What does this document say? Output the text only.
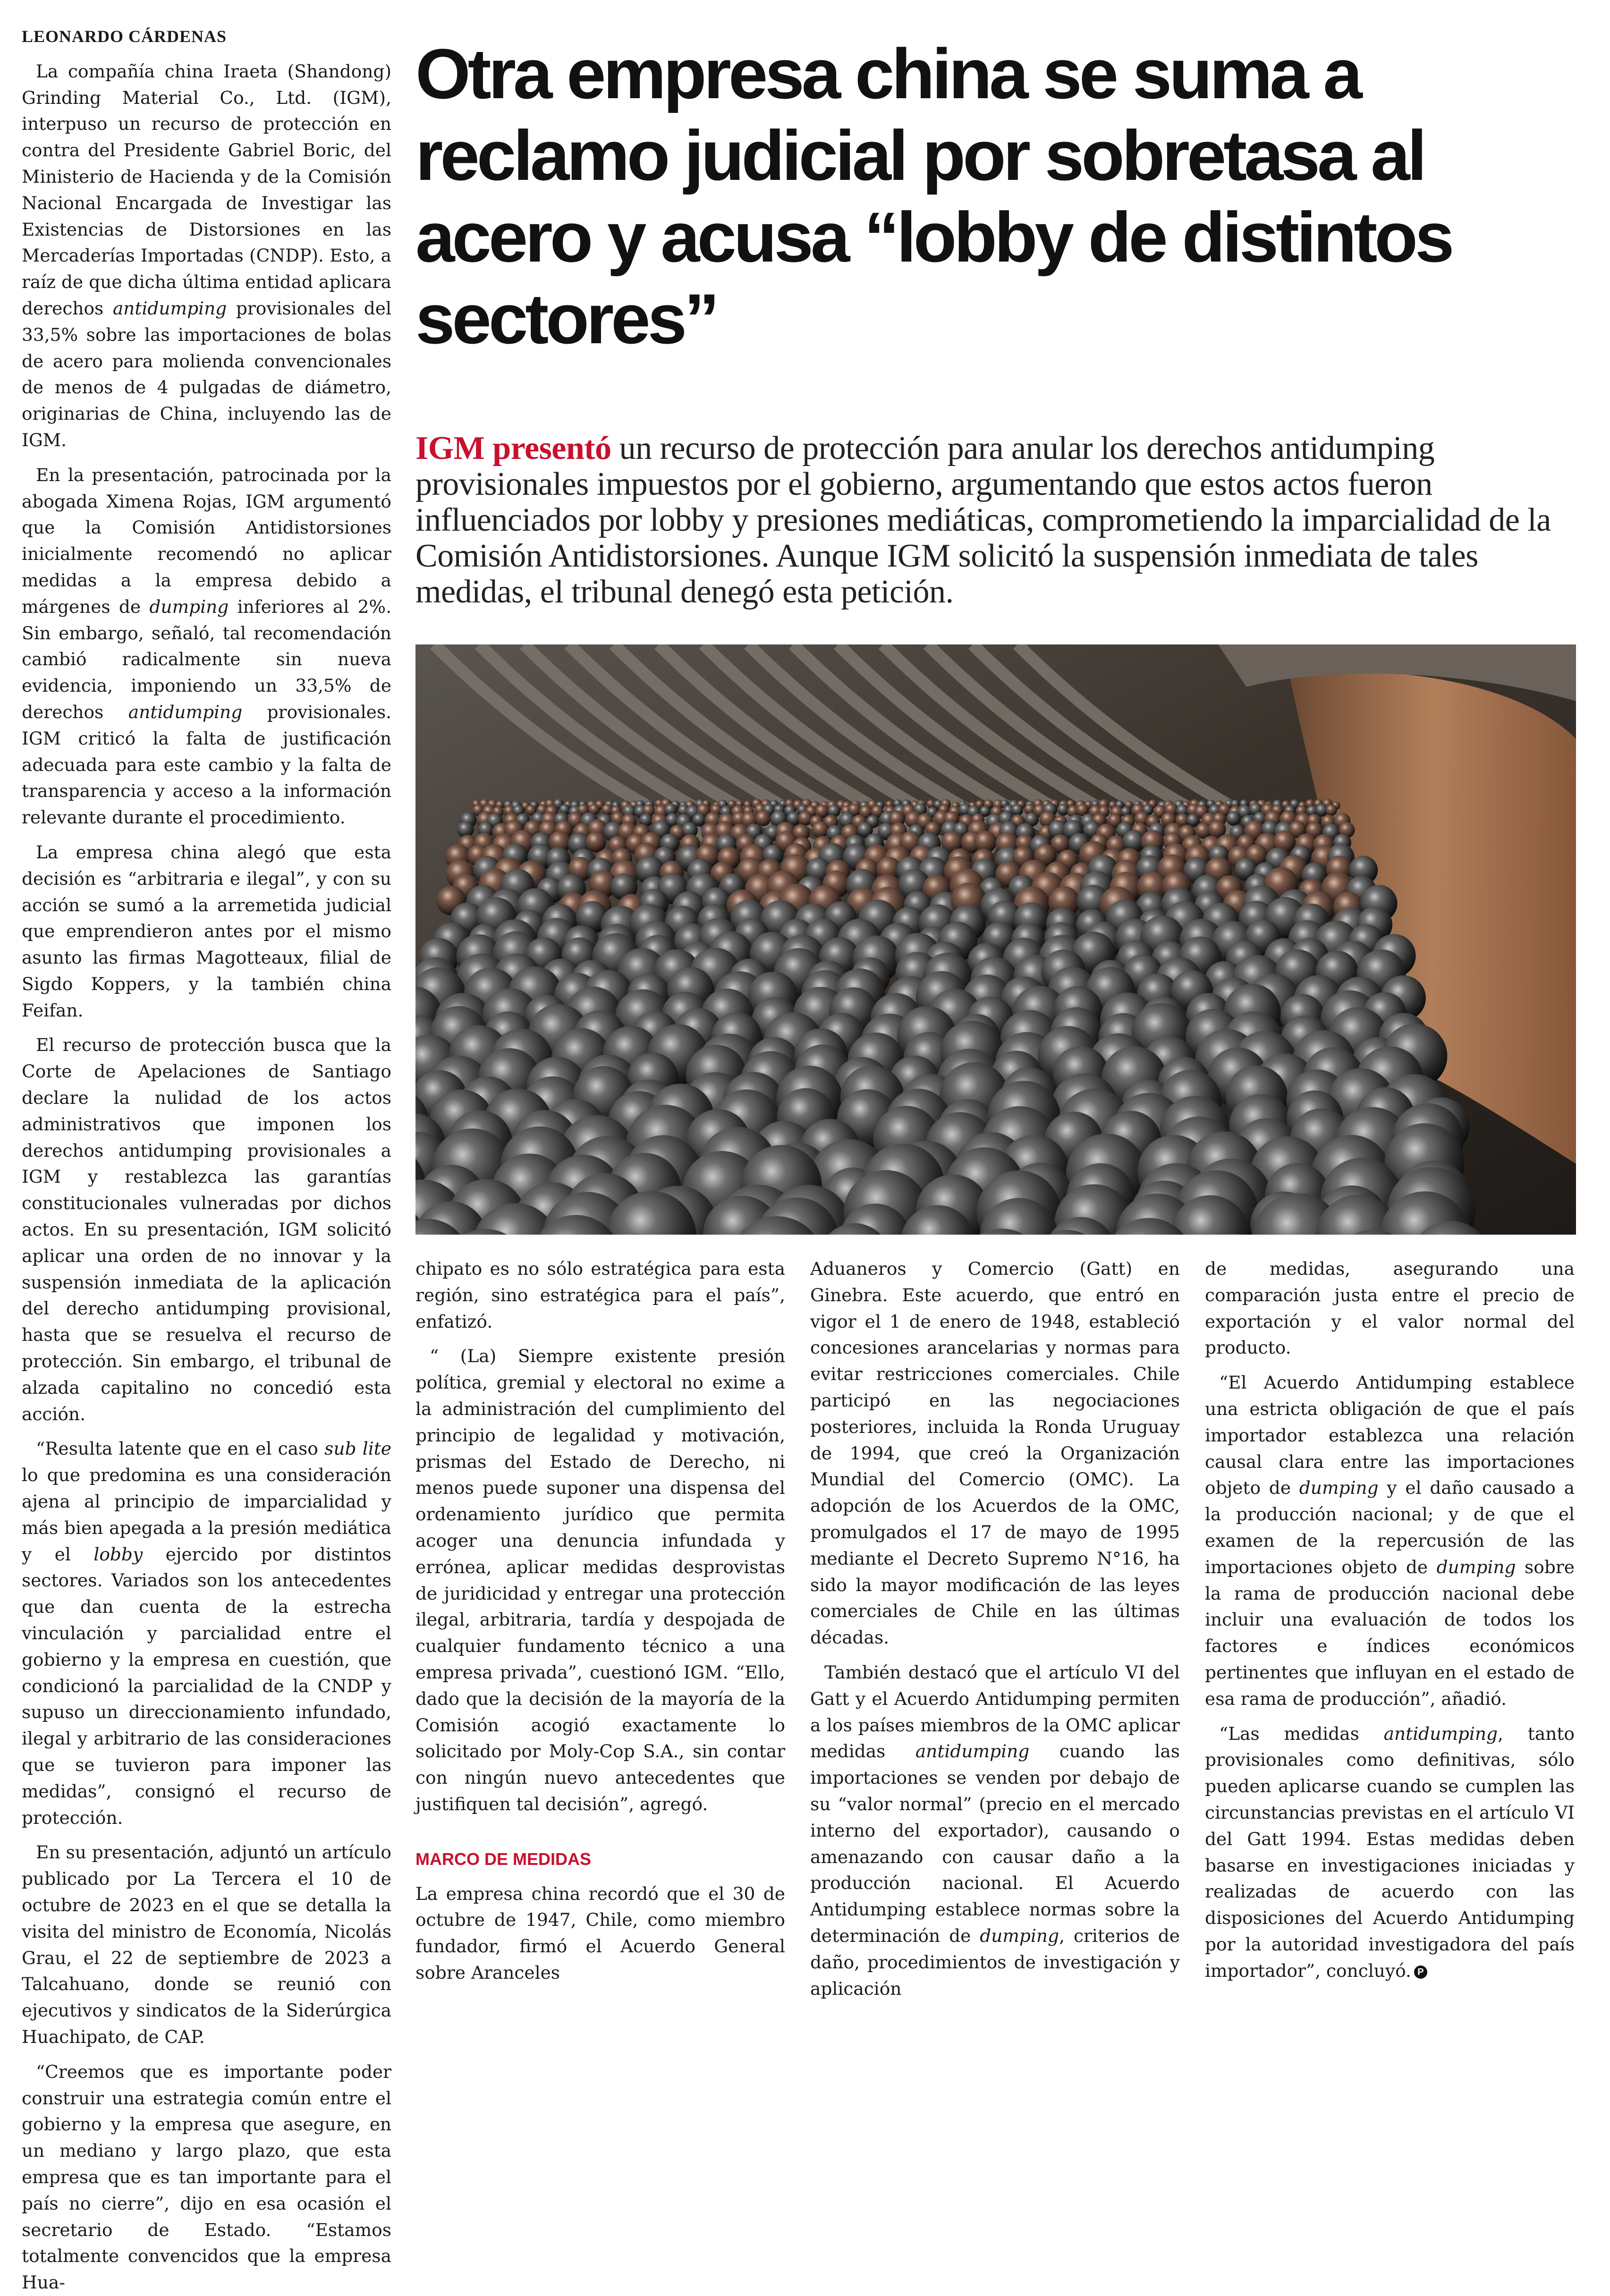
LEONARDO CÁRDENAS

La compañía china Iraeta (Shandong) Grinding Material Co., Ltd. (IGM), interpuso un recurso de protección en contra del Presidente Gabriel Boric, del Ministerio de Hacienda y de la Comisión Nacional Encargada de Investigar las Existencias de Distorsiones en las Mercaderías Importadas (CNDP). Esto, a raíz de que dicha última entidad aplicara derechos antidumping provisionales del 33,5% sobre las importaciones de bolas de acero para molienda convencionales de menos de 4 pulgadas de diámetro, originarias de China, incluyendo las de IGM.

En la presentación, patrocinada por la abogada Ximena Rojas, IGM argumentó que la Comisión Antidistorsiones inicialmente recomendó no aplicar medidas a la empresa debido a márgenes de dumping inferiores al 2%. Sin embargo, señaló, tal recomendación cambió radicalmente sin nueva evidencia, imponiendo un 33,5% de derechos antidumping provisionales. IGM criticó la falta de justificación adecuada para este cambio y la falta de transparencia y acceso a la información relevante durante el procedimiento.

La empresa china alegó que esta decisión es “arbitraria e ilegal”, y con su acción se sumó a la arremetida judicial que emprendieron antes por el mismo asunto las firmas Magotteaux, filial de Sigdo Koppers, y la también china Feifan.

El recurso de protección busca que la Corte de Apelaciones de Santiago declare la nulidad de los actos administrativos que imponen los derechos antidumping provisionales a IGM y restablezca las garantías constitucionales vulneradas por dichos actos. En su presentación, IGM solicitó aplicar una orden de no innovar y la suspensión inmediata de la aplicación del derecho antidumping provisional, hasta que se resuelva el recurso de protección. Sin embargo, el tribunal de alzada capitalino no concedió esta acción.

“Resulta latente que en el caso sub lite lo que predomina es una consideración ajena al principio de imparcialidad y más bien apegada a la presión mediática y el lobby ejercido por distintos sectores. Variados son los antecedentes que dan cuenta de la estrecha vinculación y parcialidad entre el gobierno y la empresa en cuestión, que condicionó la parcialidad de la CNDP y supuso un direccionamiento infundado, ilegal y arbitrario de las consideraciones que se tuvieron para imponer las medidas”, consignó el recurso de protección.

En su presentación, adjuntó un artículo publicado por La Tercera el 10 de octubre de 2023 en el que se detalla la visita del ministro de Economía, Nicolás Grau, el 22 de septiembre de 2023 a Talcahuano, donde se reunió con ejecutivos y sindicatos de la Siderúrgica Huachipato, de CAP.

“Creemos que es importante poder construir una estrategia común entre el gobierno y la empresa que asegure, en un mediano y largo plazo, que esta empresa que es tan importante para el país no cierre”, dijo en esa ocasión el secretario de Estado. “Estamos totalmente convencidos que la empresa Hua-

Otra empresa china se suma a reclamo judicial por sobretasa al acero y acusa “lobby de distintos sectores”

IGM presentó un recurso de protección para anular los derechos antidumping provisionales impuestos por el gobierno, argumentando que estos actos fueron influenciados por lobby y presiones mediáticas, comprometiendo la imparcialidad de la Comisión Antidistorsiones. Aunque IGM solicitó la suspensión inmediata de tales medidas, el tribunal denegó esta petición.

chipato es no sólo estratégica para esta región, sino estratégica para el país”, enfatizó.

“ (La) Siempre existente presión política, gremial y electoral no exime a la administración del cumplimiento del principio de legalidad y motivación, prismas del Estado de Derecho, ni menos puede suponer una dispensa del ordenamiento jurídico que permita acoger una denuncia infundada y errónea, aplicar medidas desprovistas de juridicidad y entregar una protección ilegal, arbitraria, tardía y despojada de cualquier fundamento técnico a una empresa privada”, cuestionó IGM. “Ello, dado que la decisión de la mayoría de la Comisión acogió exactamente lo solicitado por Moly-Cop S.A., sin contar con ningún nuevo antecedentes que justifiquen tal decisión”, agregó.

MARCO DE MEDIDAS

La empresa china recordó que el 30 de octubre de 1947, Chile, como miembro fundador, firmó el Acuerdo General sobre Aranceles

Aduaneros y Comercio (Gatt) en Ginebra. Este acuerdo, que entró en vigor el 1 de enero de 1948, estableció concesiones arancelarias y normas para evitar restricciones comerciales. Chile participó en las negociaciones posteriores, incluida la Ronda Uruguay de 1994, que creó la Organización Mundial del Comercio (OMC). La adopción de los Acuerdos de la OMC, promulgados el 17 de mayo de 1995 mediante el Decreto Supremo N°16, ha sido la mayor modificación de las leyes comerciales de Chile en las últimas décadas.

También destacó que el artículo VI del Gatt y el Acuerdo Antidumping permiten a los países miembros de la OMC aplicar medidas antidumping cuando las importaciones se venden por debajo de su “valor normal” (precio en el mercado interno del exportador), causando o amenazando con causar daño a la producción nacional. El Acuerdo Antidumping establece normas sobre la determinación de dumping, criterios de daño, procedimientos de investigación y aplicación

de medidas, asegurando una comparación justa entre el precio de exportación y el valor normal del producto.

“El Acuerdo Antidumping establece una estricta obligación de que el país importador establezca una relación causal clara entre las importaciones objeto de dumping y el daño causado a la producción nacional; y de que el examen de la repercusión de las importaciones objeto de dumping sobre la rama de producción nacional debe incluir una evaluación de todos los factores e índices económicos pertinentes que influyan en el estado de esa rama de producción”, añadió.

“Las medidas antidumping, tanto provisionales como definitivas, sólo pueden aplicarse cuando se cumplen las circunstancias previstas en el artículo VI del Gatt 1994. Estas medidas deben basarse en investigaciones iniciadas y realizadas de acuerdo con las disposiciones del Acuerdo Antidumping por la autoridad investigadora del país importador”, concluyó. P
